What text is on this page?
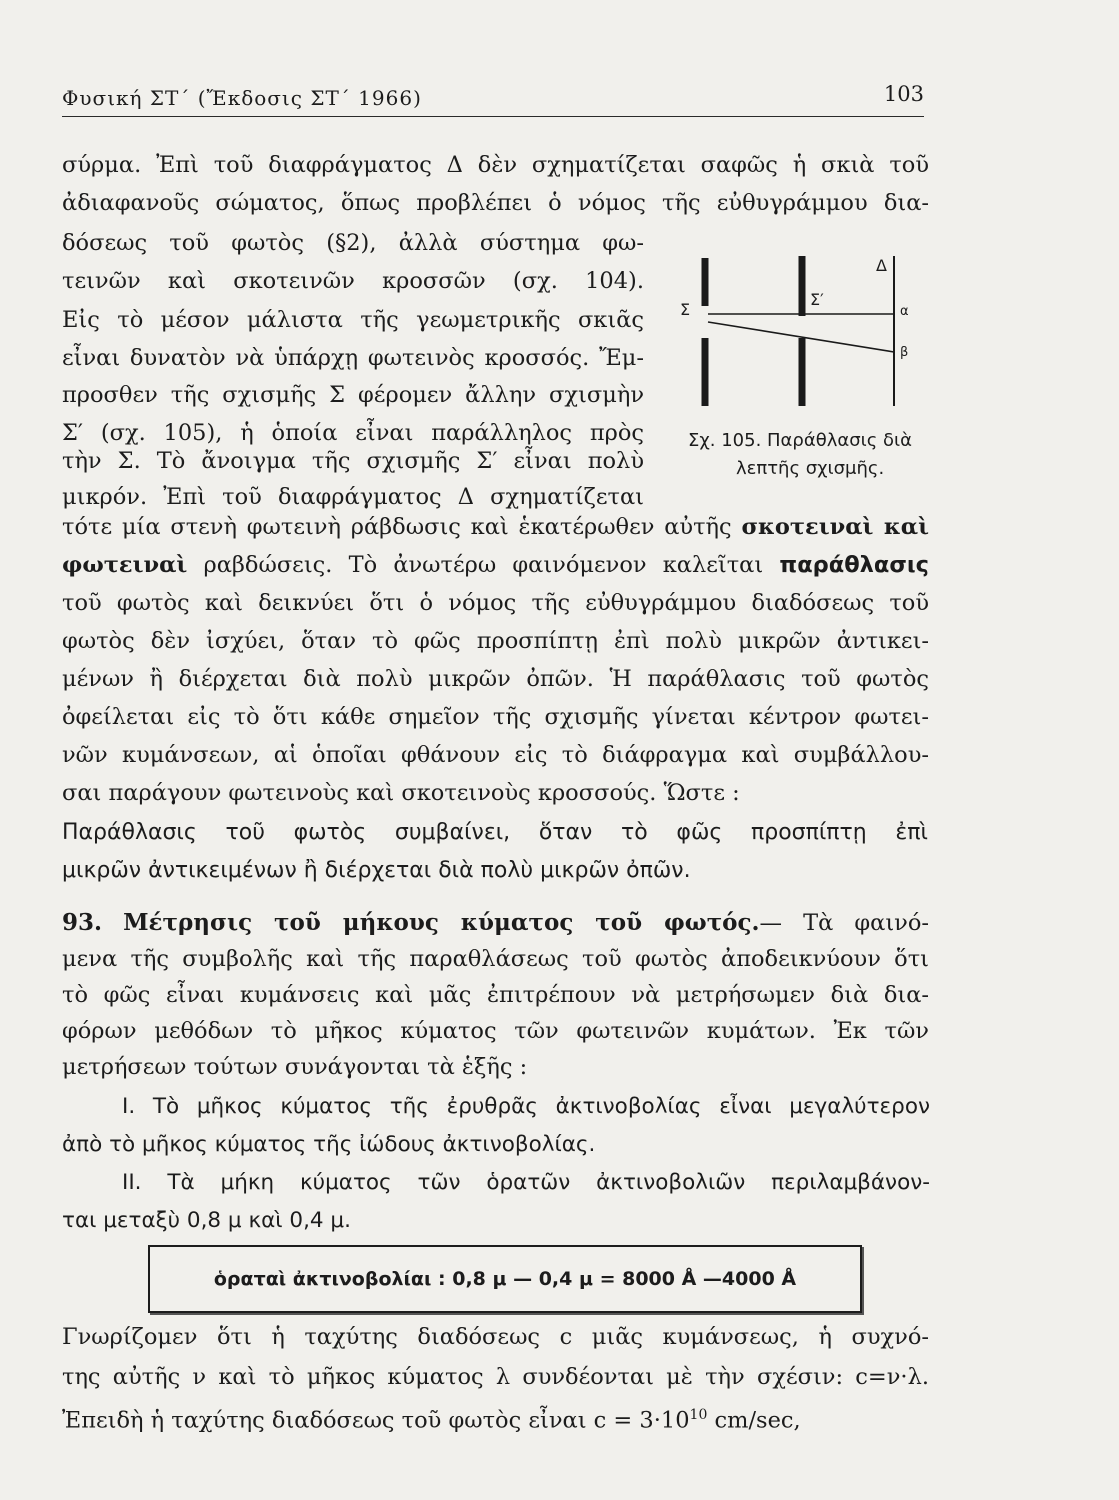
Φυσική ΣΤ΄ (Ἔκδοσις ΣΤ΄ 1966)	103
σύρμα. Ἐπὶ τοῦ διαφράγματος Δ δὲν σχηματίζεται σαφῶς ἡ σκιὰ τοῦ
ἀδιαφανοῦς σώματος, ὅπως προβλέπει ὁ νόμος τῆς εὐθυγράμμου δια-
δόσεως τοῦ φωτὸς (§2), ἀλλὰ σύστημα φω-
τεινῶν καὶ σκοτεινῶν κροσσῶν (σχ. 104).
Εἰς τὸ μέσον μάλιστα τῆς γεωμετρικῆς σκιᾶς
εἶναι δυνατὸν νὰ ὑπάρχῃ φωτεινὸς κροσσός. Ἔμ-
προσθεν τῆς σχισμῆς Σ φέρομεν ἄλλην σχισμὴν
Σ′ (σχ. 105), ἡ ὁποία εἶναι παράλληλος πρὸς
τὴν Σ. Τὸ ἄνοιγμα τῆς σχισμῆς Σ′ εἶναι πολὺ
μικρόν. Ἐπὶ τοῦ διαφράγματος Δ σχηματίζεται
Σ
Σ′
Δ
α
β
Σχ. 105. Παράθλασις διὰ
λεπτῆς σχισμῆς.
τότε μία στενὴ φωτεινὴ ράβδωσις καὶ ἑκατέρωθεν αὐτῆς σκοτειναὶ καὶ
φωτειναὶ ραβδώσεις. Τὸ ἀνωτέρω φαινόμενον καλεῖται παράθλασις
τοῦ φωτὸς καὶ δεικνύει ὅτι ὁ νόμος τῆς εὐθυγράμμου διαδόσεως τοῦ
φωτὸς δὲν ἰσχύει, ὅταν τὸ φῶς προσπίπτῃ ἐπὶ πολὺ μικρῶν ἀντικει-
μένων ἢ διέρχεται διὰ πολὺ μικρῶν ὀπῶν. Ἡ παράθλασις τοῦ φωτὸς
ὀφείλεται εἰς τὸ ὅτι κάθε σημεῖον τῆς σχισμῆς γίνεται κέντρον φωτει-
νῶν κυμάνσεων, αἱ ὁποῖαι φθάνουν εἰς τὸ διάφραγμα καὶ συμβάλλου-
σαι παράγουν φωτεινοὺς καὶ σκοτεινοὺς κροσσούς. Ὥστε :
Παράθλασις τοῦ φωτὸς συμβαίνει, ὅταν τὸ φῶς προσπίπτῃ ἐπὶ
μικρῶν ἀντικειμένων ἢ διέρχεται διὰ πολὺ μικρῶν ὀπῶν.
93. Μέτρησις τοῦ μήκους κύματος τοῦ φωτός.— Τὰ φαινό-
μενα τῆς συμβολῆς καὶ τῆς παραθλάσεως τοῦ φωτὸς ἀποδεικνύουν ὅτι
τὸ φῶς εἶναι κυμάνσεις καὶ μᾶς ἐπιτρέπουν νὰ μετρήσωμεν διὰ δια-
φόρων μεθόδων τὸ μῆκος κύματος τῶν φωτεινῶν κυμάτων. Ἐκ τῶν
μετρήσεων τούτων συνάγονται τὰ ἑξῆς :
I. Τὸ μῆκος κύματος τῆς ἐρυθρᾶς ἀκτινοβολίας εἶναι μεγαλύτερον
ἀπὸ τὸ μῆκος κύματος τῆς ἰώδους ἀκτινοβολίας.
II. Τὰ μήκη κύματος τῶν ὁρατῶν ἀκτινοβολιῶν περιλαμβάνον-
ται μεταξὺ 0,8 μ καὶ 0,4 μ.
ὁραταὶ ἀκτινοβολίαι : 0,8 μ — 0,4 μ = 8000 Å —4000 Å
Γνωρίζομεν ὅτι ἡ ταχύτης διαδόσεως c μιᾶς κυμάνσεως, ἡ συχνό-
της αὐτῆς ν καὶ τὸ μῆκος κύματος λ συνδέονται μὲ τὴν σχέσιν: c=ν·λ.
Ἐπειδὴ ἡ ταχύτης διαδόσεως τοῦ φωτὸς εἶναι $c = 3\cdot 10^{10}$ cm/sec,
